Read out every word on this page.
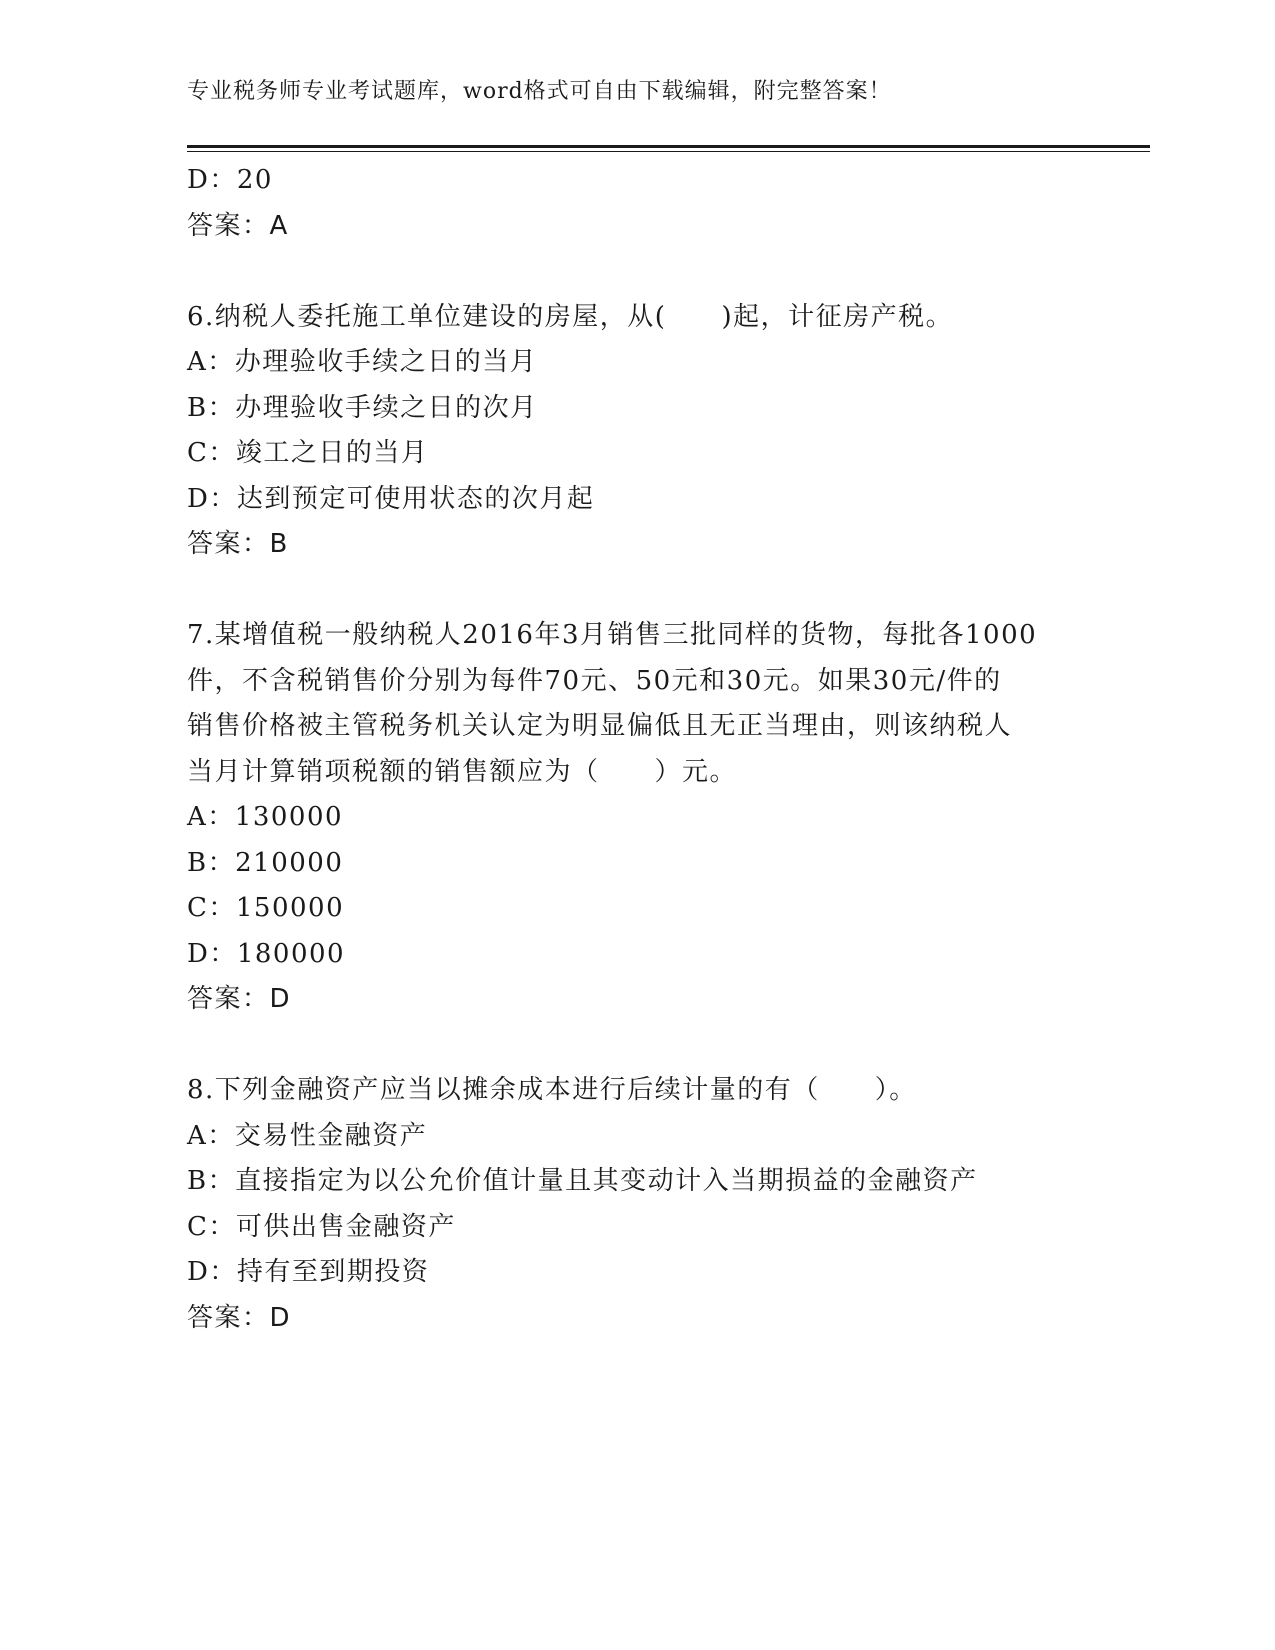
专业税务师专业考试题库，word格式可自由下载编辑，附完整答案！
D：20
答案：A
6.纳税人委托施工单位建设的房屋，从(　　)起，计征房产税。
A：办理验收手续之日的当月
B：办理验收手续之日的次月
C：竣工之日的当月
D：达到预定可使用状态的次月起
答案：B
7.某增值税一般纳税人2016年3月销售三批同样的货物，每批各1000
件，不含税销售价分别为每件70元、50元和30元。如果30元/件的
销售价格被主管税务机关认定为明显偏低且无正当理由，则该纳税人
当月计算销项税额的销售额应为（　　）元。
A：130000
B：210000
C：150000
D：180000
答案：D
8.下列金融资产应当以摊余成本进行后续计量的有（　　）。
A：交易性金融资产
B：直接指定为以公允价值计量且其变动计入当期损益的金融资产
C：可供出售金融资产
D：持有至到期投资
答案：D
